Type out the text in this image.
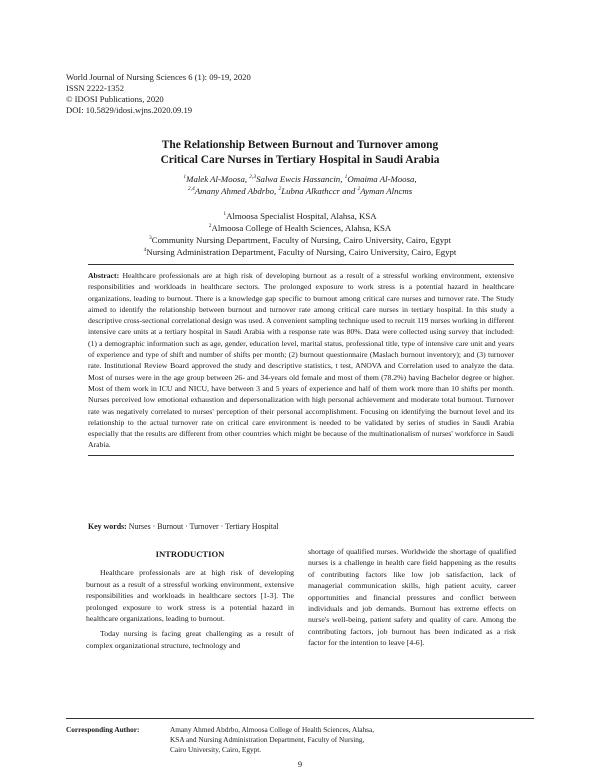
World Journal of Nursing Sciences 6 (1): 09-19, 2020
ISSN 2222-1352
© IDOSI Publications, 2020
DOI: 10.5829/idosi.wjns.2020.09.19
The Relationship Between Burnout and Turnover among
Critical Care Nurses in Tertiary Hospital in Saudi Arabia
$^1$Malek Al-Moosa, $^{2,3}$Salwa Ewcis Hassancin, $^1$Omaima Al-Moosa,
$^{2,4}$Amany Ahmed Abdrbo, $^2$Lubna Alkathccr and $^2$Ayman Alncms
$^1$Almoosa Specialist Hospital, Alahsa, KSA
$^2$Almoosa College of Health Sciences, Alahsa, KSA
$^3$Community Nursing Department, Faculty of Nursing, Cairo University, Cairo, Egypt
$^4$Nursing Administration Department, Faculty of Nursing, Cairo University, Cairo, Egypt
Abstract: Healthcare professionals are at high risk of developing burnout as a result of a stressful working environment, extensive responsibilities and workloads in healthcare sectors. The prolonged exposure to work stress is a potential hazard in healthcare organizations, leading to burnout. There is a knowledge gap specific to burnout among critical care nurses and turnover rate. The Study aimed to identify the relationship between burnout and turnover rate among critical care nurses in tertiary hospital. In this study a descriptive cross-sectional correlational design was used. A convenient sampling technique used to recruit 119 nurses working in different intensive care units at a tertiary hospital in Saudi Arabia with a response rate was 80%. Data were collected using survey that included: (1) a demographic information such as age, gender, education level, marital status, professional title, type of intensive care unit and years of experience and type of shift and number of shifts per month; (2) burnout questionnaire (Maslach burnout inventory); and (3) turnover rate. Institutional Review Board approved the study and descriptive statistics, t test, ANOVA and Correlation used to analyze the data. Most of nurses were in the age group between 26- and 34-years old female and most of them (78.2%) having Bachelor degree or higher. Most of them work in ICU and NICU, have between 3 and 5 years of experience and half of them work more than 10 shifts per month. Nurses perceived low emotional exhaustion and depersonalization with high personal achievement and moderate total burnout. Turnover rate was negatively correlated to nurses' perception of their personal accomplishment. Focusing on identifying the burnout level and its relationship to the actual turnover rate on critical care environment is needed to be validated by series of studies in Saudi Arabia especially that the results are different from other countries which might be because of the multinationalism of nurses' workforce in Saudi Arabia.
Key words: Nurses · Burnout · Turnover · Tertiary Hospital
INTRODUCTION

Healthcare professionals are at high risk of developing burnout as a result of a stressful working environment, extensive responsibilities and workloads in healthcare sectors [1-3]. The prolonged exposure to work stress is a potential hazard in healthcare organizations, leading to burnout.

Today nursing is facing great challenging as a result of complex organizational structure, technology and

shortage of qualified nurses. Worldwide the shortage of qualified nurses is a challenge in health care field happening as the results of contributing factors like low job satisfaction, lack of managerial communication skills, high patient acuity, career opportunities and financial pressures and conflict between individuals and job demands. Burnout has extreme effects on nurse's well-being, patient safety and quality of care. Among the contributing factors, job burnout has been indicated as a risk factor for the intention to leave [4-6].

Corresponding Author:	Amany Ahmed Abdrbo, Almoosa College of Health Sciences, Alahsa,
KSA and Nursing Administration Department, Faculty of Nursing,
Cairo University, Cairo, Egypt.
9
